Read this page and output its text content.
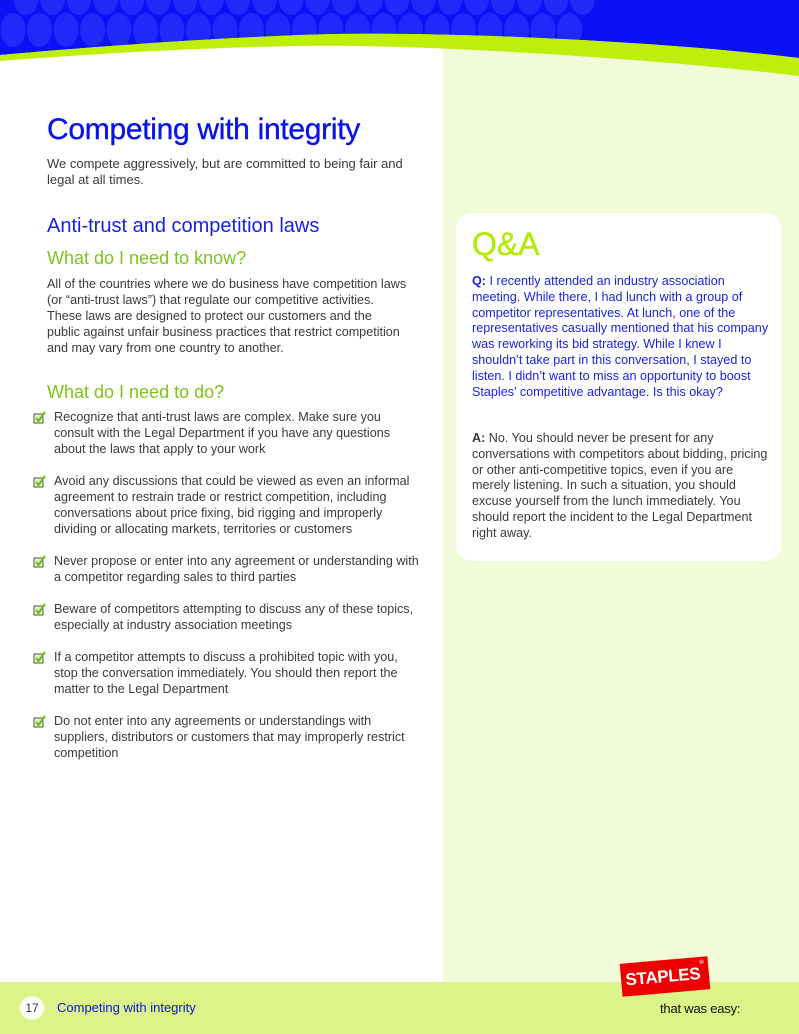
Competing with integrity

We compete aggressively, but are committed to being fair and legal at all times.

Anti-trust and competition laws
What do I need to know?

All of the countries where we do business have competition laws (or “anti-trust laws”) that regulate our competitive activities. These laws are designed to protect our customers and the public against unfair business practices that restrict competition and may vary from one country to another.

What do I need to do?
Recognize that anti-trust laws are complex. Make sure you consult with the Legal Department if you have any questions about the laws that apply to your work
Avoid any discussions that could be viewed as even an informal agreement to restrain trade or restrict competition, including conversations about price fixing, bid rigging and improperly dividing or allocating markets, territories or customers
Never propose or enter into any agreement or understanding with a competitor regarding sales to third parties
Beware of competitors attempting to discuss any of these topics, especially at industry association meetings
If a competitor attempts to discuss a prohibited topic with you, stop the conversation immediately. You should then report the matter to the Legal Department
Do not enter into any agreements or understandings with suppliers, distributors or customers that may improperly restrict competition
Q&A

Q: I recently attended an industry association meeting. While there, I had lunch with a group of competitor representatives. At lunch, one of the representatives casually mentioned that his company was reworking its bid strategy. While I knew I shouldn’t take part in this conversation, I stayed to listen. I didn’t want to miss an opportunity to boost Staples’ competitive advantage. Is this okay?

A: No. You should never be present for any conversations with competitors about bidding, pricing or other anti-competitive topics, even if you are merely listening. In such a situation, you should excuse yourself from the lunch immediately. You should report the incident to the Legal Department right away.

17	Competing with integrity
STAPLES®
that was easy:
